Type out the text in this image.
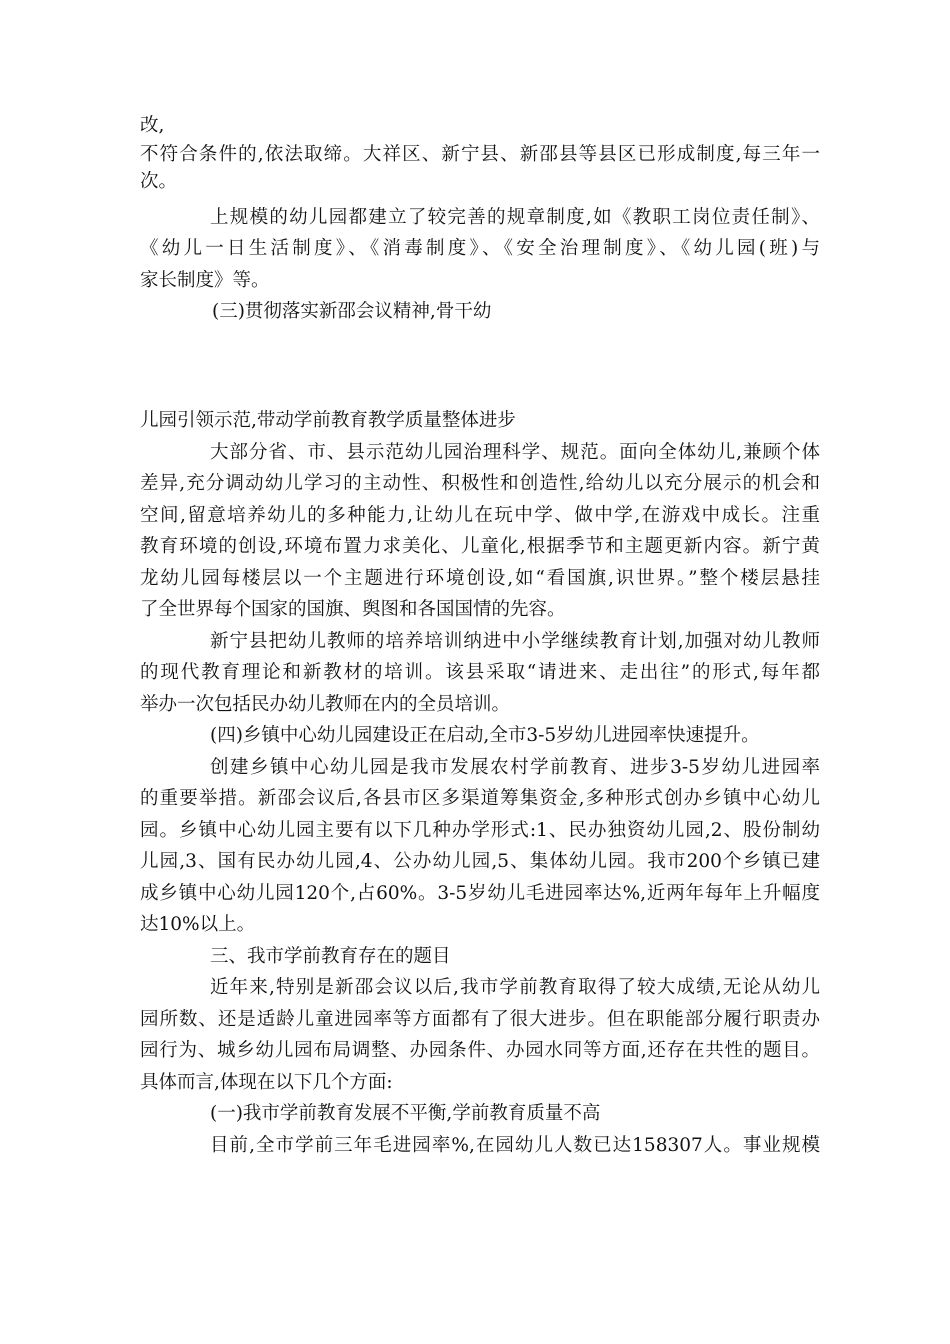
改,
不符合条件的,依法取缔。大祥区、新宁县、新邵县等县区已形成制度,每三年一
次。
上规模的幼儿园都建立了较完善的规章制度,如《教职工岗位责任制》、
《幼儿一日生活制度》、《消毒制度》、《安全治理制度》、《幼儿园(班)与
家长制度》等。
(三)贯彻落实新邵会议精神,骨干幼
儿园引领示范,带动学前教育教学质量整体进步
大部分省、市、县示范幼儿园治理科学、规范。面向全体幼儿,兼顾个体
差异,充分调动幼儿学习的主动性、积极性和创造性,给幼儿以充分展示的机会和
空间,留意培养幼儿的多种能力,让幼儿在玩中学、做中学,在游戏中成长。注重
教育环境的创设,环境布置力求美化、儿童化,根据季节和主题更新内容。新宁黄
龙幼儿园每楼层以一个主题进行环境创设,如“看国旗,识世界。”整个楼层悬挂
了全世界每个国家的国旗、舆图和各国国情的先容。
新宁县把幼儿教师的培养培训纳进中小学继续教育计划,加强对幼儿教师
的现代教育理论和新教材的培训。该县采取“请进来、走出往”的形式,每年都
举办一次包括民办幼儿教师在内的全员培训。
(四)乡镇中心幼儿园建设正在启动,全市3-5岁幼儿进园率快速提升。
创建乡镇中心幼儿园是我市发展农村学前教育、进步3-5岁幼儿进园率
的重要举措。新邵会议后,各县市区多渠道筹集资金,多种形式创办乡镇中心幼儿
园。乡镇中心幼儿园主要有以下几种办学形式:1、民办独资幼儿园,2、股份制幼
儿园,3、国有民办幼儿园,4、公办幼儿园,5、集体幼儿园。我市200个乡镇已建
成乡镇中心幼儿园120个,占60%。3-5岁幼儿毛进园率达%,近两年每年上升幅度
达10%以上。
三、我市学前教育存在的题目
近年来,特别是新邵会议以后,我市学前教育取得了较大成绩,无论从幼儿
园所数、还是适龄儿童进园率等方面都有了很大进步。但在职能部分履行职责办
园行为、城乡幼儿园布局调整、办园条件、办园水同等方面,还存在共性的题目。
具体而言,体现在以下几个方面:
(一)我市学前教育发展不平衡,学前教育质量不高
目前,全市学前三年毛进园率%,在园幼儿人数已达158307人。事业规模
